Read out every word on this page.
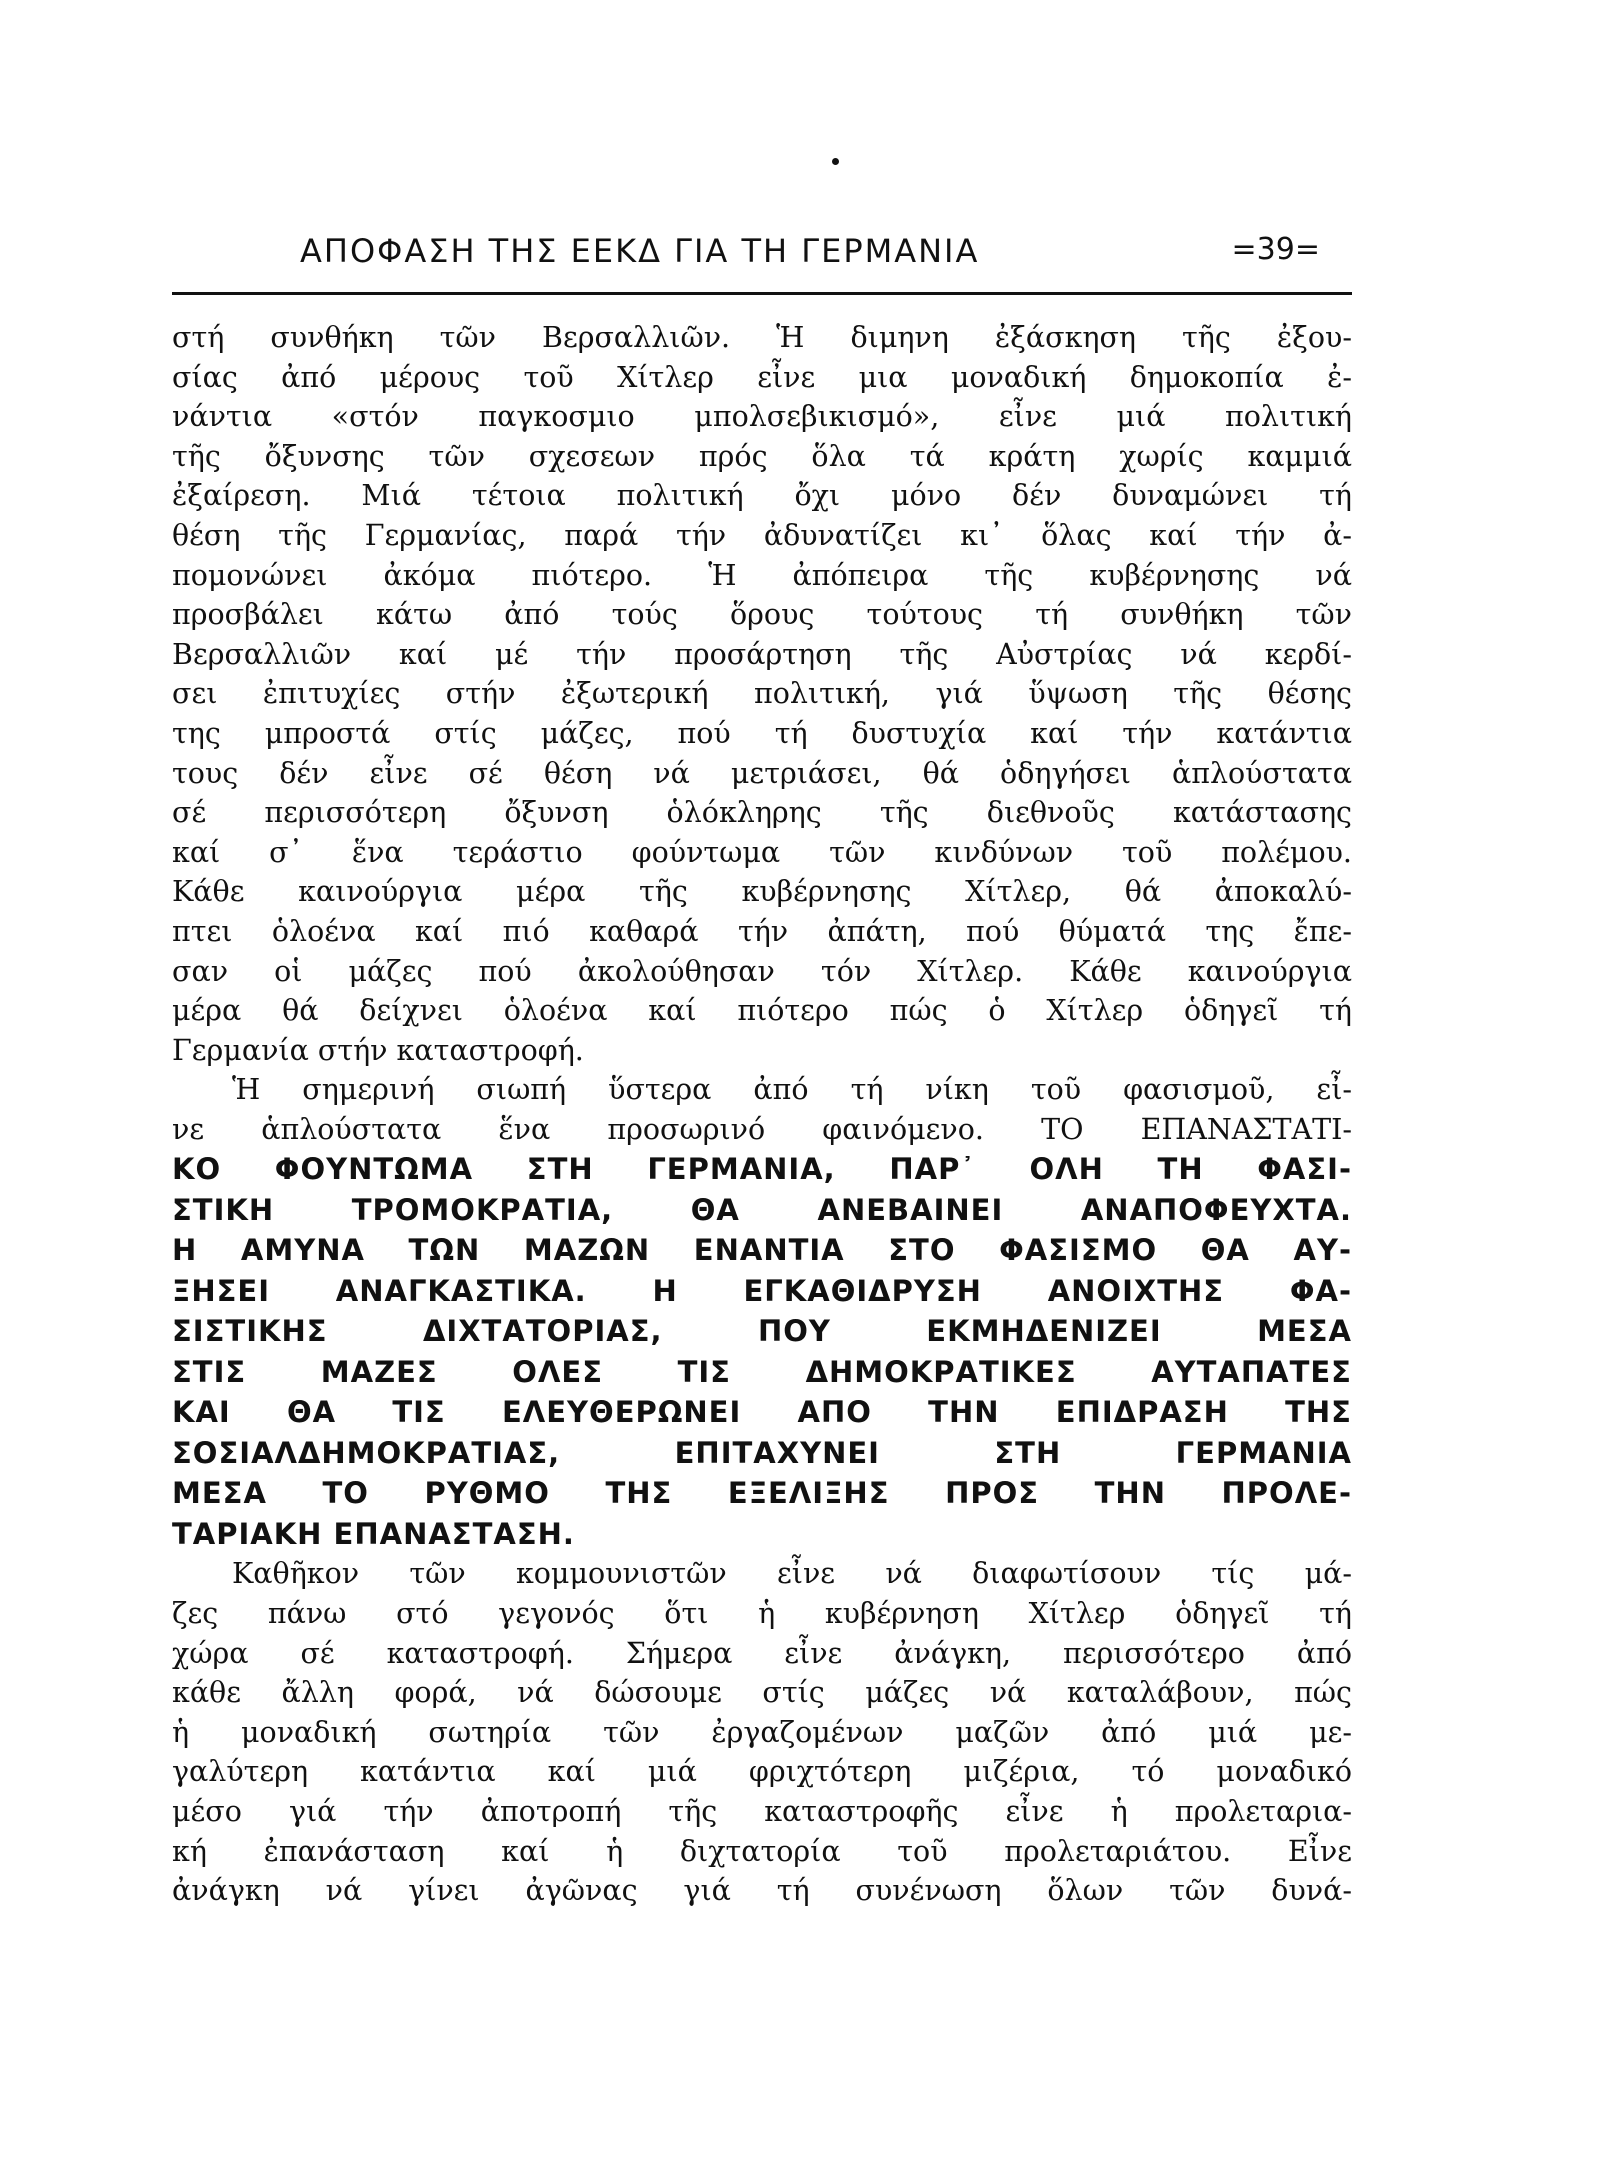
ΑΠΟΦΑΣΗ ΤΗΣ ΕΕΚΔ ΓΙΑ ΤΗ ΓΕΡΜΑΝΙΑ	=39=
στή συνθήκη τῶν Βερσαλλιῶν. Ἡ διμηνη ἐξάσκηση τῆς ἐξου-
σίας ἀπό μέρους τοῦ Χίτλερ εἶνε μια μοναδική δημοκοπία ἐ-
νάντια «στόν παγκοσμιο μπολσεβικισμό», εἶνε μιά πολιτική
τῆς ὄξυνσης τῶν σχεσεων πρός ὅλα τά κράτη χωρίς καμμιά
ἐξαίρεση. Μιά τέτοια πολιτική ὄχι μόνο δέν δυναμώνει τή
θέση τῆς Γερμανίας, παρά τήν ἀδυνατίζει κι᾽ ὅλας καί τήν ἀ-
πομονώνει ἀκόμα πιότερο. Ἡ ἀπόπειρα τῆς κυβέρνησης νά
προσβάλει κάτω ἀπό τούς ὅρους τούτους τή συνθήκη τῶν
Βερσαλλιῶν καί μέ τήν προσάρτηση τῆς Αὐστρίας νά κερδί-
σει ἐπιτυχίες στήν ἐξωτερική πολιτική, γιά ὕψωση τῆς θέσης
της μπροστά στίς μάζες, πού τή δυστυχία καί τήν κατάντια
τους δέν εἶνε σέ θέση νά μετριάσει, θά ὁδηγήσει ἁπλούστατα
σέ περισσότερη ὄξυνση ὁλόκληρης τῆς διεθνοῦς κατάστασης
καί σ᾽ ἕνα τεράστιο φούντωμα τῶν κινδύνων τοῦ πολέμου.
Κάθε καινούργια μέρα τῆς κυβέρνησης Χίτλερ, θά ἀποκαλύ-
πτει ὁλοένα καί πιό καθαρά τήν ἀπάτη, πού θύματά της ἔπε-
σαν οἱ μάζες πού ἀκολούθησαν τόν Χίτλερ. Κάθε καινούργια
μέρα θά δείχνει ὁλοένα καί πιότερο πώς ὁ Χίτλερ ὁδηγεῖ τή
Γερμανία στήν καταστροφή.
Ἡ σημερινή σιωπή ὕστερα ἀπό τή νίκη τοῦ φασισμοῦ, εἶ-
νε ἁπλούστατα ἕνα προσωρινό φαινόμενο. ΤΟ ΕΠΑΝΑΣΤΑΤΙ-
ΚΟ ΦΟΥΝΤΩΜΑ ΣΤΗ ΓΕΡΜΑΝΙΑ, ΠΑΡ᾽ ΟΛΗ ΤΗ ΦΑΣΙ-
ΣΤΙΚΗ ΤΡΟΜΟΚΡΑΤΙΑ, ΘΑ ΑΝΕΒΑΙΝΕΙ ΑΝΑΠΟΦΕΥΧΤΑ.
Η ΑΜΥΝΑ ΤΩΝ ΜΑΖΩΝ ΕΝΑΝΤΙΑ ΣΤΟ ΦΑΣΙΣΜΟ ΘΑ ΑΥ-
ΞΗΣΕΙ ΑΝΑΓΚΑΣΤΙΚΑ. Η ΕΓΚΑΘΙΔΡΥΣΗ ΑΝΟΙΧΤΗΣ ΦΑ-
ΣΙΣΤΙΚΗΣ ΔΙΧΤΑΤΟΡΙΑΣ, ΠΟΥ ΕΚΜΗΔΕΝΙΖΕΙ ΜΕΣΑ
ΣΤΙΣ ΜΑΖΕΣ ΟΛΕΣ ΤΙΣ ΔΗΜΟΚΡΑΤΙΚΕΣ ΑΥΤΑΠΑΤΕΣ
ΚΑΙ ΘΑ ΤΙΣ ΕΛΕΥΘΕΡΩΝΕΙ ΑΠΟ ΤΗΝ ΕΠΙΔΡΑΣΗ ΤΗΣ
ΣΟΣΙΑΛΔΗΜΟΚΡΑΤΙΑΣ, ΕΠΙΤΑΧΥΝΕΙ ΣΤΗ ΓΕΡΜΑΝΙΑ
ΜΕΣΑ ΤΟ ΡΥΘΜΟ ΤΗΣ ΕΞΕΛΙΞΗΣ ΠΡΟΣ ΤΗΝ ΠΡΟΛΕ-
ΤΑΡΙΑΚΗ ΕΠΑΝΑΣΤΑΣΗ.
Καθῆκον τῶν κομμουνιστῶν εἶνε νά διαφωτίσουν τίς μά-
ζες πάνω στό γεγονός ὅτι ἡ κυβέρνηση Χίτλερ ὁδηγεῖ τή
χώρα σέ καταστροφή. Σήμερα εἶνε ἀνάγκη, περισσότερο ἀπό
κάθε ἄλλη φορά, νά δώσουμε στίς μάζες νά καταλάβουν, πώς
ἡ μοναδική σωτηρία τῶν ἐργαζομένων μαζῶν ἀπό μιά με-
γαλύτερη κατάντια καί μιά φριχτότερη μιζέρια, τό μοναδικό
μέσο γιά τήν ἀποτροπή τῆς καταστροφῆς εἶνε ἡ προλεταρια-
κή ἐπανάσταση καί ἡ διχτατορία τοῦ προλεταριάτου. Εἶνε
ἀνάγκη νά γίνει ἀγῶνας γιά τή συνένωση ὅλων τῶν δυνά-
